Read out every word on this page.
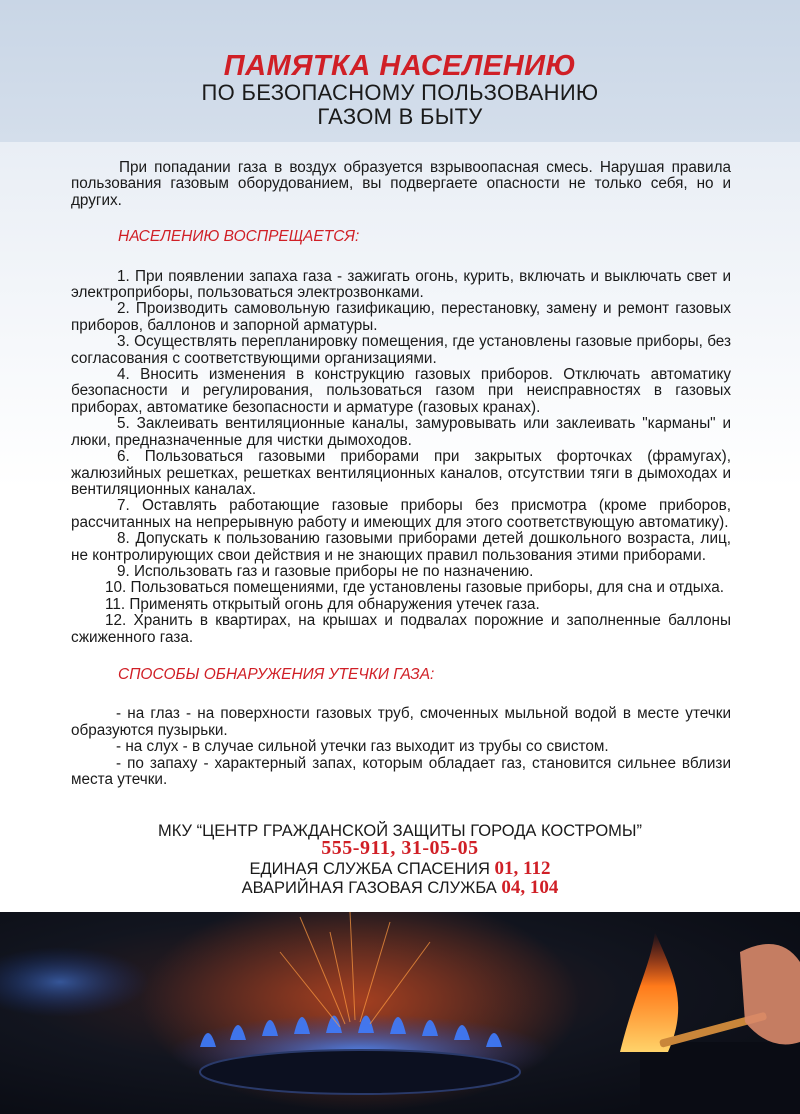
ПАМЯТКА НАСЕЛЕНИЮ
ПО БЕЗОПАСНОМУ ПОЛЬЗОВАНИЮ
ГАЗОМ В БЫТУ

При попадании газа в воздух образуется взрывоопасная смесь. Нарушая правила пользования газовым оборудованием, вы подвергаете опасности не только себя, но и других.

НАСЕЛЕНИЮ ВОСПРЕЩАЕТСЯ:

1. При появлении запаха газа - зажигать огонь, курить, включать и выключать свет и электроприборы, пользоваться электрозвонками.

2. Производить самовольную газификацию, перестановку, замену и ремонт газовых приборов, баллонов и запорной арматуры.

3. Осуществлять перепланировку помещения, где установлены газовые приборы, без согласования с соответствующими организациями.

4. Вносить изменения в конструкцию газовых приборов. Отключать автоматику безопасности и регулирования, пользоваться газом при неисправностях в газовых приборах, автоматике безопасности и арматуре (газовых кранах).

5. Заклеивать вентиляционные каналы, замуровывать или заклеивать "карманы" и люки, предназначенные для чистки дымоходов.

6. Пользоваться газовыми приборами при закрытых форточках (фрамугах), жалюзийных решетках, решетках вентиляционных каналов, отсутствии тяги в дымоходах и вентиляционных каналах.

7. Оставлять работающие газовые приборы без присмотра (кроме приборов, рассчитанных на непрерывную работу и имеющих для этого соответствующую автоматику).

8. Допускать к пользованию газовыми приборами детей дошкольного возраста, лиц, не контролирующих свои действия и не знающих правил пользования этими приборами.

9. Использовать газ и газовые приборы не по назначению.

10. Пользоваться помещениями, где установлены газовые приборы, для сна и отдыха.

11. Применять открытый огонь для обнаружения утечек газа.

12. Хранить в квартирах, на крышах и подвалах порожние и заполненные баллоны сжиженного газа.

СПОСОБЫ ОБНАРУЖЕНИЯ УТЕЧКИ ГАЗА:

- на глаз - на поверхности газовых труб, смоченных мыльной водой в месте утечки образуются пузырьки.

- на слух - в случае сильной утечки газ выходит из трубы со свистом.

- по запаху - характерный запах, которым обладает газ, становится сильнее вблизи места утечки.

МКУ “ЦЕНТР ГРАЖДАНСКОЙ ЗАЩИТЫ ГОРОДА КОСТРОМЫ”
555-911, 31-05-05
ЕДИНАЯ СЛУЖБА СПАСЕНИЯ 01, 112
АВАРИЙНАЯ ГАЗОВАЯ СЛУЖБА 04, 104
